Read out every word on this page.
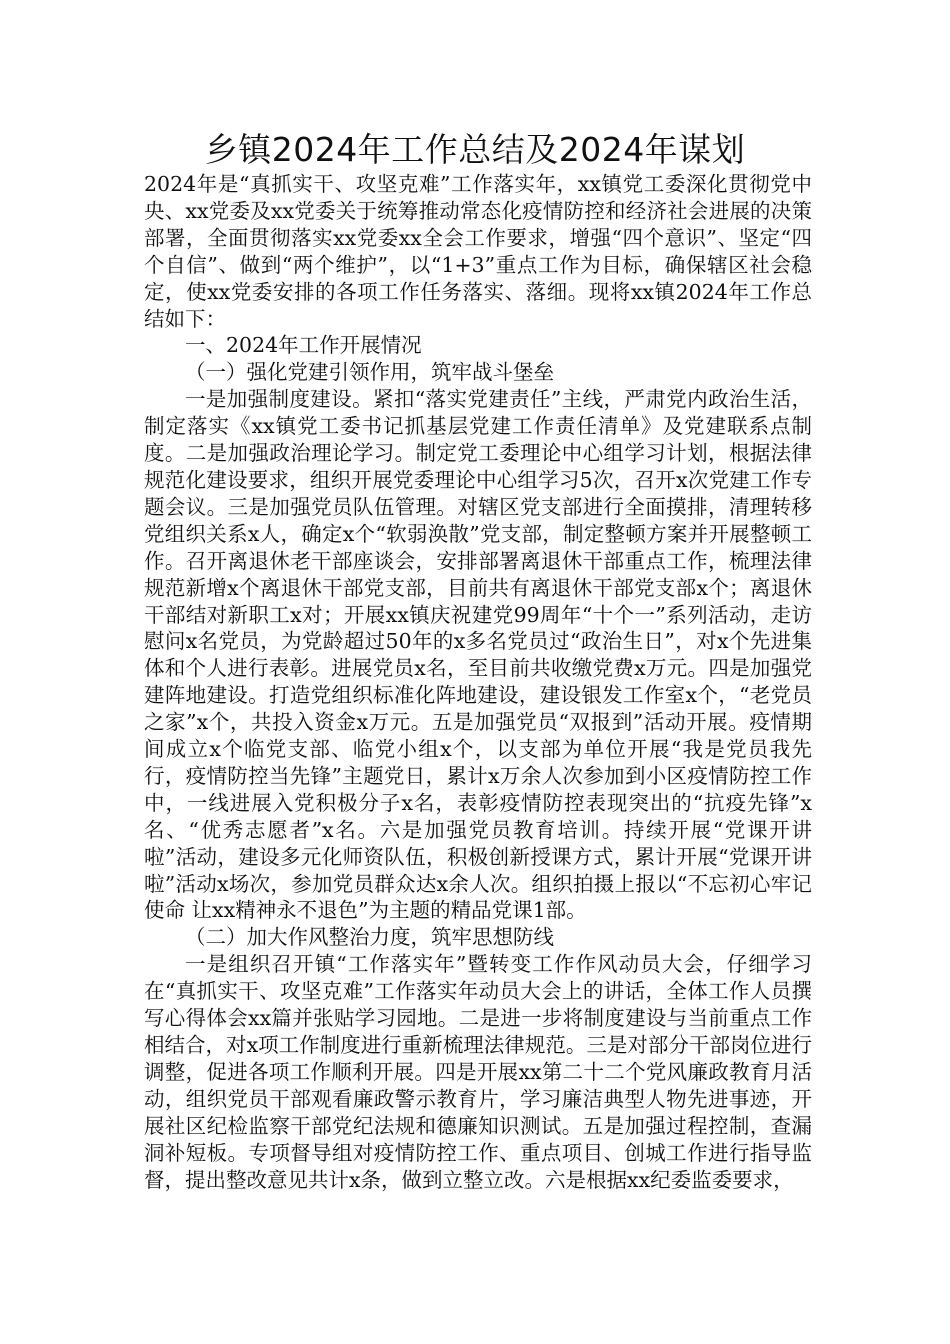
乡镇2024年工作总结及2024年谋划

2024年是“真抓实干、攻坚克难”工作落实年，xx镇党工委深化贯彻党中央、xx党委及xx党委关于统筹推动常态化疫情防控和经济社会进展的决策部署，全面贯彻落实xx党委xx全会工作要求，增强“四个意识”、坚定“四个自信”、做到“两个维护”，以“1+3”重点工作为目标，确保辖区社会稳定，使xx党委安排的各项工作任务落实、落细。现将xx镇2024年工作总结如下：

一、2024年工作开展情况

（一）强化党建引领作用，筑牢战斗堡垒

一是加强制度建设。紧扣“落实党建责任”主线，严肃党内政治生活，制定落实《xx镇党工委书记抓基层党建工作责任清单》及党建联系点制度。二是加强政治理论学习。制定党工委理论中心组学习计划，根据法律规范化建设要求，组织开展党委理论中心组学习5次，召开x次党建工作专题会议。三是加强党员队伍管理。对辖区党支部进行全面摸排，清理转移党组织关系x人，确定x个“软弱涣散”党支部，制定整顿方案并开展整顿工作。召开离退休老干部座谈会，安排部署离退休干部重点工作，梳理法律规范新增x个离退休干部党支部，目前共有离退休干部党支部x个；离退休干部结对新职工x对；开展xx镇庆祝建党99周年“十个一”系列活动，走访慰问x名党员，为党龄超过50年的x多名党员过“政治生日”，对x个先进集体和个人进行表彰。进展党员x名，至目前共收缴党费x万元。四是加强党建阵地建设。打造党组织标准化阵地建设，建设银发工作室x个，“老党员之家”x个，共投入资金x万元。五是加强党员“双报到”活动开展。疫情期间成立x个临党支部、临党小组x个，以支部为单位开展“我是党员我先行，疫情防控当先锋”主题党日，累计x万余人次参加到小区疫情防控工作中，一线进展入党积极分子x名，表彰疫情防控表现突出的“抗疫先锋”x名、“优秀志愿者”x名。六是加强党员教育培训。持续开展“党课开讲啦”活动，建设多元化师资队伍，积极创新授课方式，累计开展“党课开讲啦”活动x场次，参加党员群众达x余人次。组织拍摄上报以“不忘初心牢记使命 让xx精神永不退色”为主题的精品党课1部。

（二）加大作风整治力度，筑牢思想防线

一是组织召开镇“工作落实年”暨转变工作作风动员大会，仔细学习在“真抓实干、攻坚克难”工作落实年动员大会上的讲话，全体工作人员撰写心得体会xx篇并张贴学习园地。二是进一步将制度建设与当前重点工作相结合，对x项工作制度进行重新梳理法律规范。三是对部分干部岗位进行调整，促进各项工作顺利开展。四是开展xx第二十二个党风廉政教育月活动，组织党员干部观看廉政警示教育片，学习廉洁典型人物先进事迹，开展社区纪检监察干部党纪法规和德廉知识测试。五是加强过程控制，查漏洞补短板。专项督导组对疫情防控工作、重点项目、创城工作进行指导监督，提出整改意见共计x条，做到立整立改。六是根据xx纪委监委要求，
